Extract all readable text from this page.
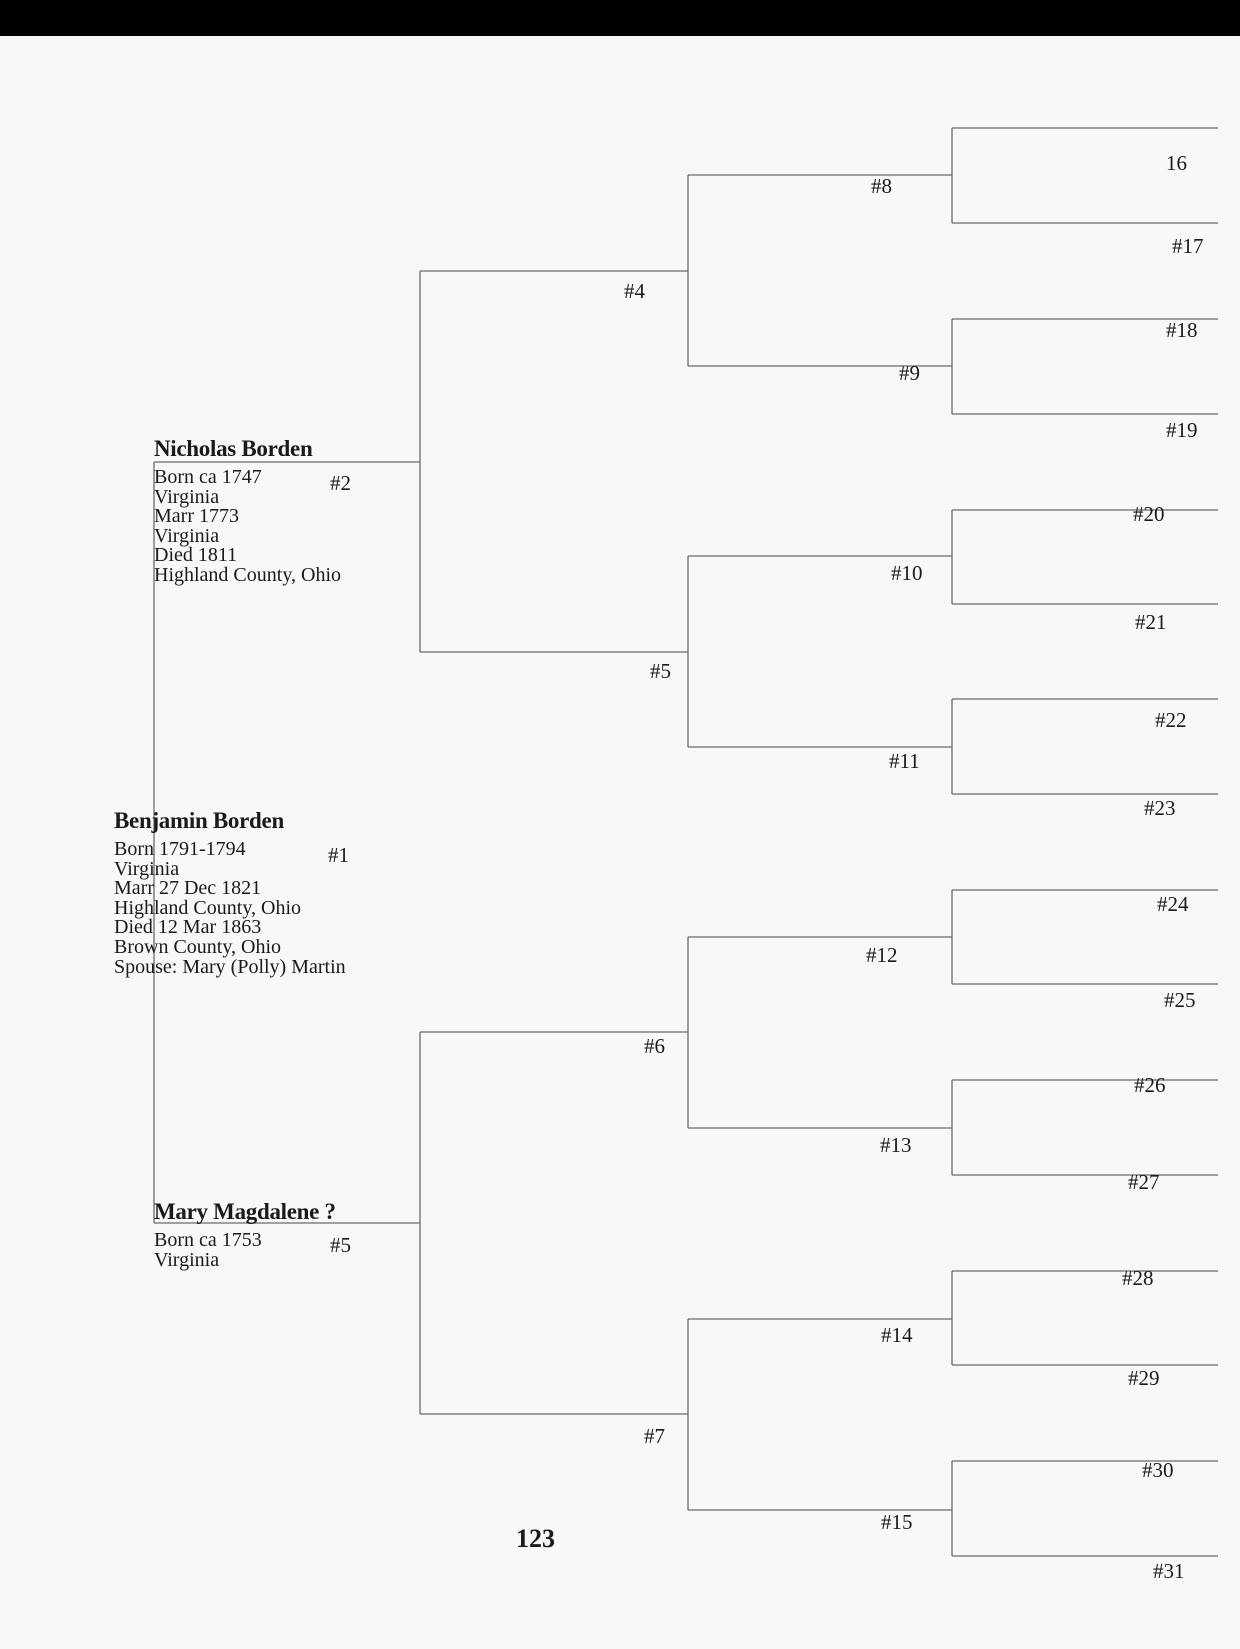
Nicholas Borden
Born ca 1747
Virginia
Marr 1773
Virginia
Died 1811
Highland County, Ohio
#2
Benjamin Borden
Born 1791-1794
Virginia
Marr 27 Dec 1821
Highland County, Ohio
Died 12 Mar 1863
Brown County, Ohio
Spouse: Mary (Polly) Martin
#1
Mary Magdalene ?
Born ca 1753
Virginia
#5
#4
#5
#6
#7
#8
#9
#10
#11
#12
#13
#14
#15
16
#17
#18
#19
#20
#21
#22
#23
#24
#25
#26
#27
#28
#29
#30
#31
123
